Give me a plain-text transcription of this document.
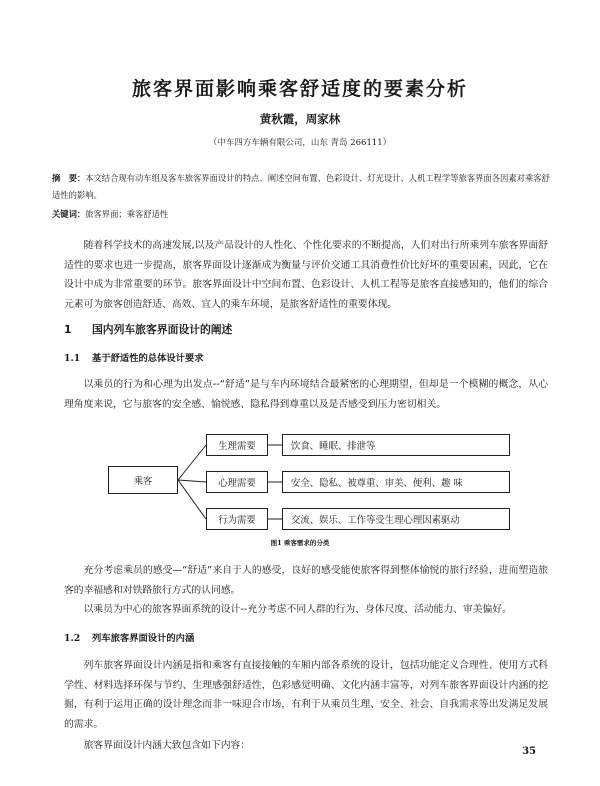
旅客界面影响乘客舒适度的要素分析
黄秋霞，周家林
（中车四方车辆有限公司，山东 青岛 266111）
摘　要：本文结合现有动车组及客车旅客界面设计的特点、阐述空间布置、色彩设计、灯光设计、人机工程学等旅客界面各因素对乘客舒适性的影响。
关键词：旅客界面；乘客舒适性
随着科学技术的高速发展,以及产品设计的人性化、个性化要求的不断提高，人们对出行所乘列车旅客界面舒适性的要求也进一步提高，旅客界面设计逐渐成为衡量与评价交通工具消费性价比好坏的重要因素，因此，它在设计中成为非常重要的环节。旅客界面设计中空间布置、色彩设计、人机工程等是旅客直接感知的，他们的综合元素可为旅客创造舒适、高效、宜人的乘车环境，是旅客舒适性的重要体现。
1 国内列车旅客界面设计的阐述
1.1 基于舒适性的总体设计要求
以乘员的行为和心理为出发点--“舒适”是与车内环境结合最紧密的心理期望，但却是一个模糊的概念，从心理角度来说，它与旅客的安全感、愉悦感、隐私得到尊重以及是否感受到压力密切相关。
乘客
生理需要	饮食、睡眠、排泄等
心理需要	安全、隐私、被尊重、审美、便利、趣 味
行为需要	交流、娱乐、工作等受生理心理因素驱动
图1 乘客需求的分类
充分考虑乘员的感受—“舒适”来自于人的感受，良好的感受能使旅客得到整体愉悦的旅行经验，进而塑造旅客的幸福感和对铁路旅行方式的认同感。
以乘员为中心的旅客界面系统的设计--充分考虑不同人群的行为、身体尺度、活动能力、审美偏好。
1.2 列车旅客界面设计的内涵
列车旅客界面设计内涵是指和乘客有直接接触的车厢内部各系统的设计，包括功能定义合理性、使用方式科学性、材料选择环保与节约、生理感强舒适性，色彩感觉明确、文化内涵丰富等，对列车旅客界面设计内涵的挖掘，有利于运用正确的设计理念而非一味迎合市场，有利于从乘员生理、安全、社会、自我需求等出发满足发展的需求。
旅客界面设计内涵大致包含如下内容：
35
